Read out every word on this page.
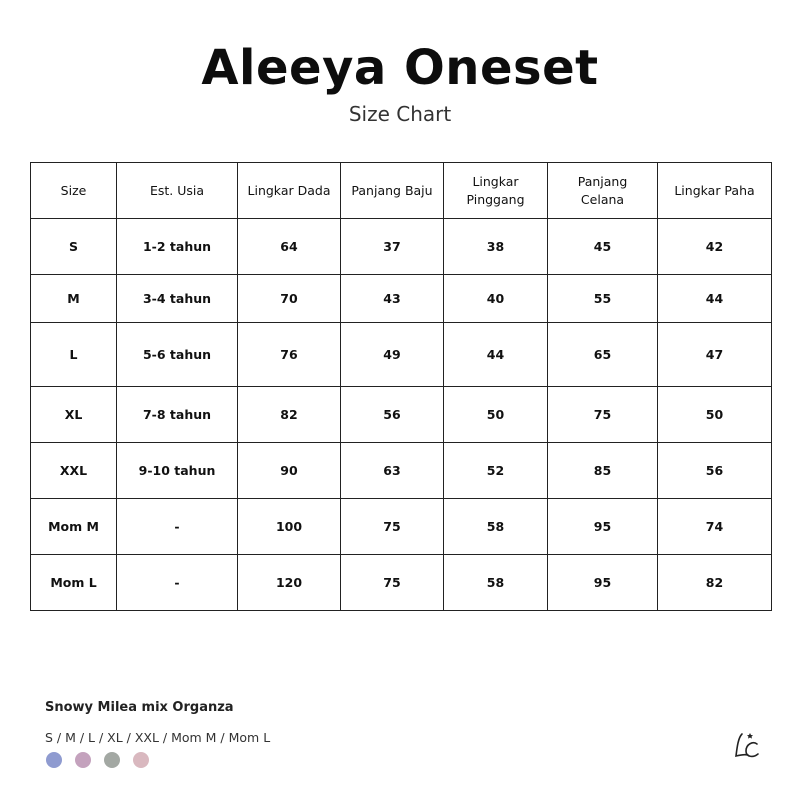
Aleeya Oneset
Size Chart
Size	Est. Usia	Lingkar Dada	Panjang Baju	Lingkar Pinggang	Panjang Celana	Lingkar Paha
S	1-2 tahun	64	37	38	45	42
M	3-4 tahun	70	43	40	55	44
L	5-6 tahun	76	49	44	65	47
XL	7-8 tahun	82	56	50	75	50
XXL	9-10 tahun	90	63	52	85	56
Mom M	-	100	75	58	95	74
Mom L	-	120	75	58	95	82
Snowy Milea mix Organza
S / M / L / XL / XXL / Mom M / Mom L
